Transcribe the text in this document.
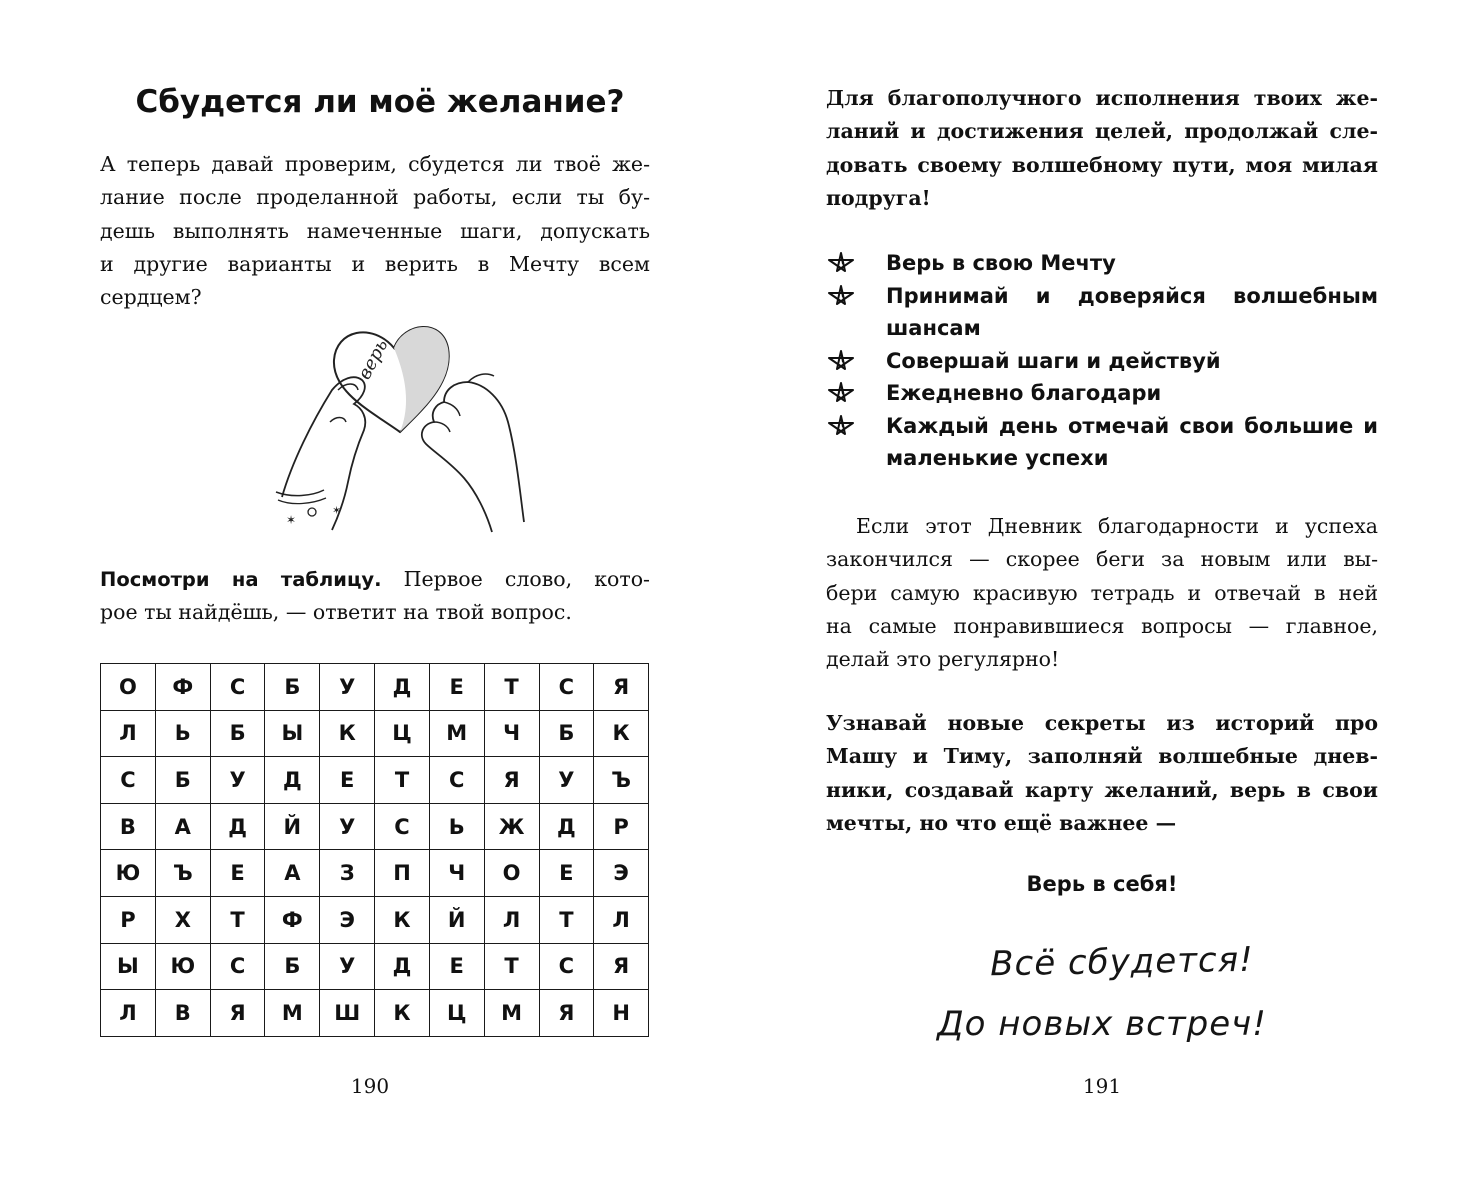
Сбудется ли моё желание?

А теперь давай проверим, сбудется ли твоё же-

лание после проделанной работы, если ты бу-

дешь выполнять намеченные шаги, допускать

и другие варианты и верить в Мечту всем

сердцем?

верь
✶
✶

Посмотри на таблицу. Первое слово, кото-

рое ты найдёшь, — ответит на твой вопрос.

О	Ф	С	Б	У	Д	Е	Т	С	Я
Л	Ь	Б	Ы	К	Ц	М	Ч	Б	К
С	Б	У	Д	Е	Т	С	Я	У	Ъ
В	А	Д	Й	У	С	Ь	Ж	Д	Р
Ю	Ъ	Е	А	З	П	Ч	О	Е	Э
Р	Х	Т	Ф	Э	К	Й	Л	Т	Л
Ы	Ю	С	Б	У	Д	Е	Т	С	Я
Л	В	Я	М	Ш	К	Ц	М	Я	Н

190

Для благополучного исполнения твоих же-

ланий и достижения целей, продолжай сле-

довать своему волшебному пути, моя милая

подруга!

Верь в свою Мечту
Принимай и доверяйся волшебным шансам
Совершай шаги и действуй
Ежедневно благодари
Каждый день отмечай свои большие и маленькие успехи

Если этот Дневник благодарности и успеха

закончился — скорее беги за новым или вы-

бери самую красивую тетрадь и отвечай в ней

на самые понравившиеся вопросы — главное,

делай это регулярно!

Узнавай новые секреты из историй про

Машу и Тиму, заполняй волшебные днев-

ники, создавай карту желаний, верь в свои

мечты, но что ещё важнее —

Верь в себя!

Всё сбудется!

До новых встреч!

191
